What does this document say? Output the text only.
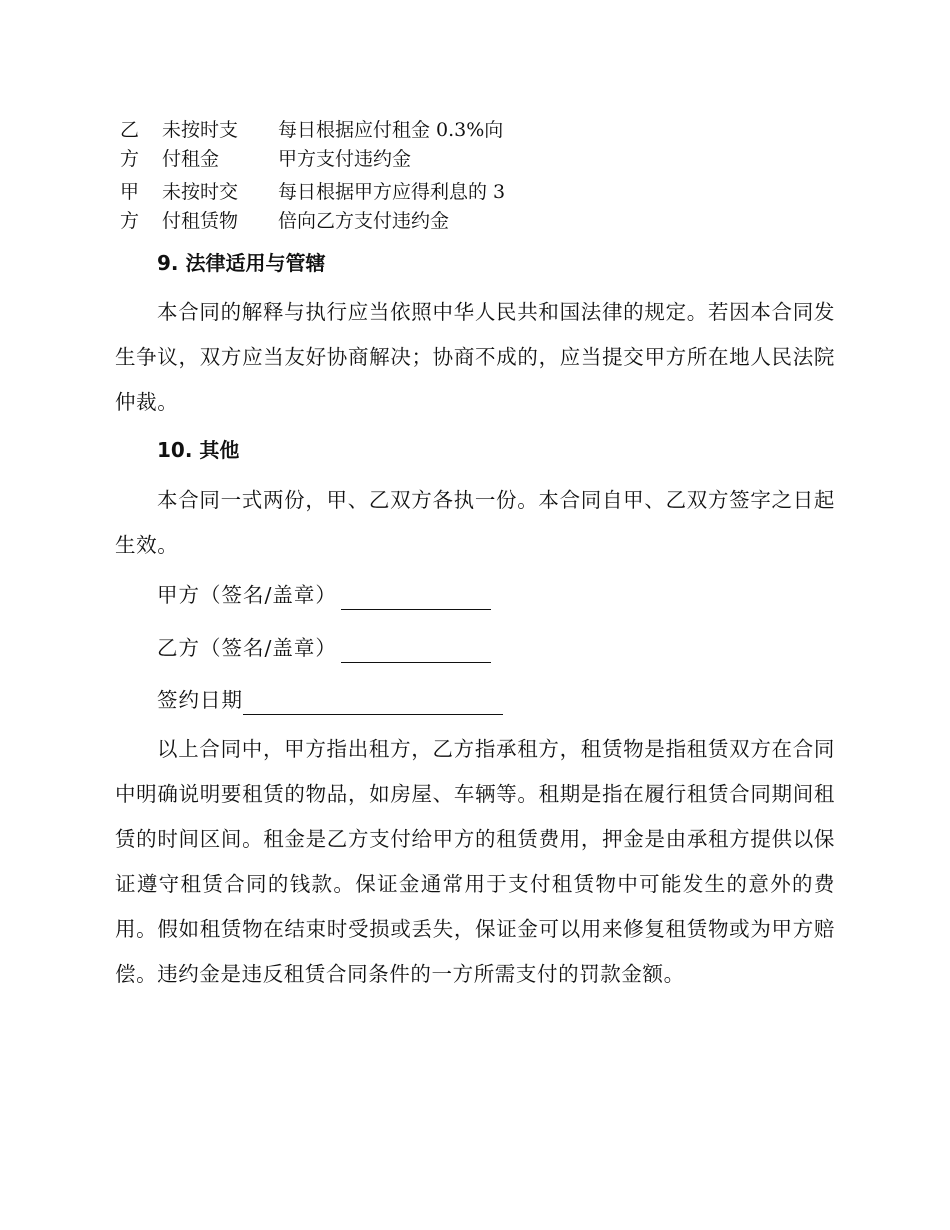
乙
方
未按时支
付租金
每日根据应付租金 0.3%向
甲方支付违约金
甲
方
未按时交
付租赁物
每日根据甲方应得利息的 3
倍向乙方支付违约金
9. 法律适用与管辖
本合同的解释与执行应当依照中华人民共和国法律的规定。若因本合同发生争议，双方应当友好协商解决；协商不成的，应当提交甲方所在地人民法院仲裁。
10. 其他
本合同一式两份，甲、乙双方各执一份。本合同自甲、乙双方签字之日起生效。
甲方（签名/盖章）
乙方（签名/盖章）
签约日期
以上合同中，甲方指出租方，乙方指承租方，租赁物是指租赁双方在合同中明确说明要租赁的物品，如房屋、车辆等。租期是指在履行租赁合同期间租赁的时间区间。租金是乙方支付给甲方的租赁费用，押金是由承租方提供以保证遵守租赁合同的钱款。保证金通常用于支付租赁物中可能发生的意外的费用。假如租赁物在结束时受损或丢失，保证金可以用来修复租赁物或为甲方赔偿。违约金是违反租赁合同条件的一方所需支付的罚款金额。
